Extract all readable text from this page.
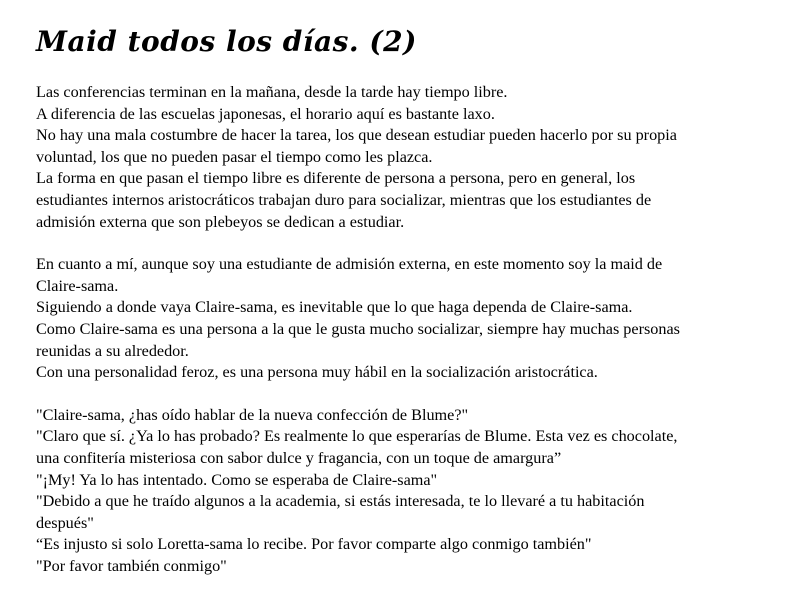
Maid todos los días. (2)
Las conferencias terminan en la mañana, desde la tarde hay tiempo libre.
A diferencia de las escuelas japonesas, el horario aquí es bastante laxo.
No hay una mala costumbre de hacer la tarea, los que desean estudiar pueden hacerlo por su propia
voluntad, los que no pueden pasar el tiempo como les plazca.
La forma en que pasan el tiempo libre es diferente de persona a persona, pero en general, los
estudiantes internos aristocráticos trabajan duro para socializar, mientras que los estudiantes de
admisión externa que son plebeyos se dedican a estudiar.
En cuanto a mí, aunque soy una estudiante de admisión externa, en este momento soy la maid de
Claire-sama.
Siguiendo a donde vaya Claire-sama, es inevitable que lo que haga dependa de Claire-sama.
Como Claire-sama es una persona a la que le gusta mucho socializar, siempre hay muchas personas
reunidas a su alrededor.
Con una personalidad feroz, es una persona muy hábil en la socialización aristocrática.
"Claire-sama, ¿has oído hablar de la nueva confección de Blume?"
"Claro que sí. ¿Ya lo has probado? Es realmente lo que esperarías de Blume. Esta vez es chocolate,
una confitería misteriosa con sabor dulce y fragancia, con un toque de amargura”
"¡My! Ya lo has intentado. Como se esperaba de Claire-sama"
"Debido a que he traído algunos a la academia, si estás interesada, te lo llevaré a tu habitación
después"
“Es injusto si solo Loretta-sama lo recibe. Por favor comparte algo conmigo también"
"Por favor también conmigo"
